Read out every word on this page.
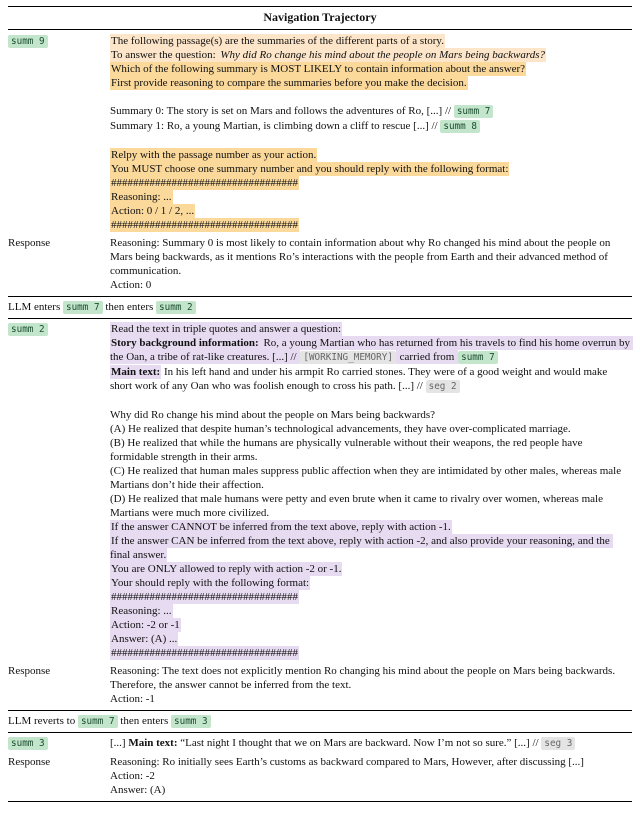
Navigation Trajectory
summ 9	The following passage(s) are the summaries of the different parts of a story.
To answer the question: Why did Ro change his mind about the people on Mars being backwards?
Which of the following summary is MOST LIKELY to contain information about the answer?
First provide reasoning to compare the summaries before you make the decision.
Summary 0: The story is set on Mars and follows the adventures of Ro, [...] // summ 7
Summary 1: Ro, a young Martian, is climbing down a cliff to rescue [...] // summ 8
Relpy with the passage number as your action.
You MUST choose one summary number and you should reply with the following format:
##################################
Reasoning: ...
Action: 0 / 1 / 2, ...
##################################
Response	Reasoning: Summary 0 is most likely to contain information about why Ro changed his mind about the people on Mars being backwards, as it mentions Ro’s interactions with the people from Earth and their advanced method of communication.
Action: 0
LLM enters summ 7 then enters summ 2
summ 2	Read the text in triple quotes and answer a question:
Story background information: Ro, a young Martian who has returned from his travels to find his home overrun by the Oan, a tribe of rat-like creatures. [...] // [WORKING_MEMORY] carried from summ 7
Main text: In his left hand and under his armpit Ro carried stones. They were of a good weight and would make short work of any Oan who was foolish enough to cross his path. [...] // seg 2
Why did Ro change his mind about the people on Mars being backwards?
(A) He realized that despite human’s technological advancements, they have over-complicated marriage.
(B) He realized that while the humans are physically vulnerable without their weapons, the red people have formidable strength in their arms.
(C) He realized that human males suppress public affection when they are intimidated by other males, whereas male Martians don’t hide their affection.
(D) He realized that male humans were petty and even brute when it came to rivalry over women, whereas male Martians were much more civilized.
If the answer CANNOT be inferred from the text above, reply with action -1.
If the answer CAN be inferred from the text above, reply with action -2, and also provide your reasoning, and the final answer.
You are ONLY allowed to reply with action -2 or -1.
Your should reply with the following format:
##################################
Reasoning: ...
Action: -2 or -1
Answer: (A) ...
##################################
Response	Reasoning: The text does not explicitly mention Ro changing his mind about the people on Mars being backwards. Therefore, the answer cannot be inferred from the text.
Action: -1
LLM reverts to summ 7 then enters summ 3
summ 3	[...] Main text: “Last night I thought that we on Mars are backward. Now I’m not so sure.” [...] // seg 3
Response	Reasoning: Ro initially sees Earth’s customs as backward compared to Mars, However, after discussing [...]
Action: -2
Answer: (A)
